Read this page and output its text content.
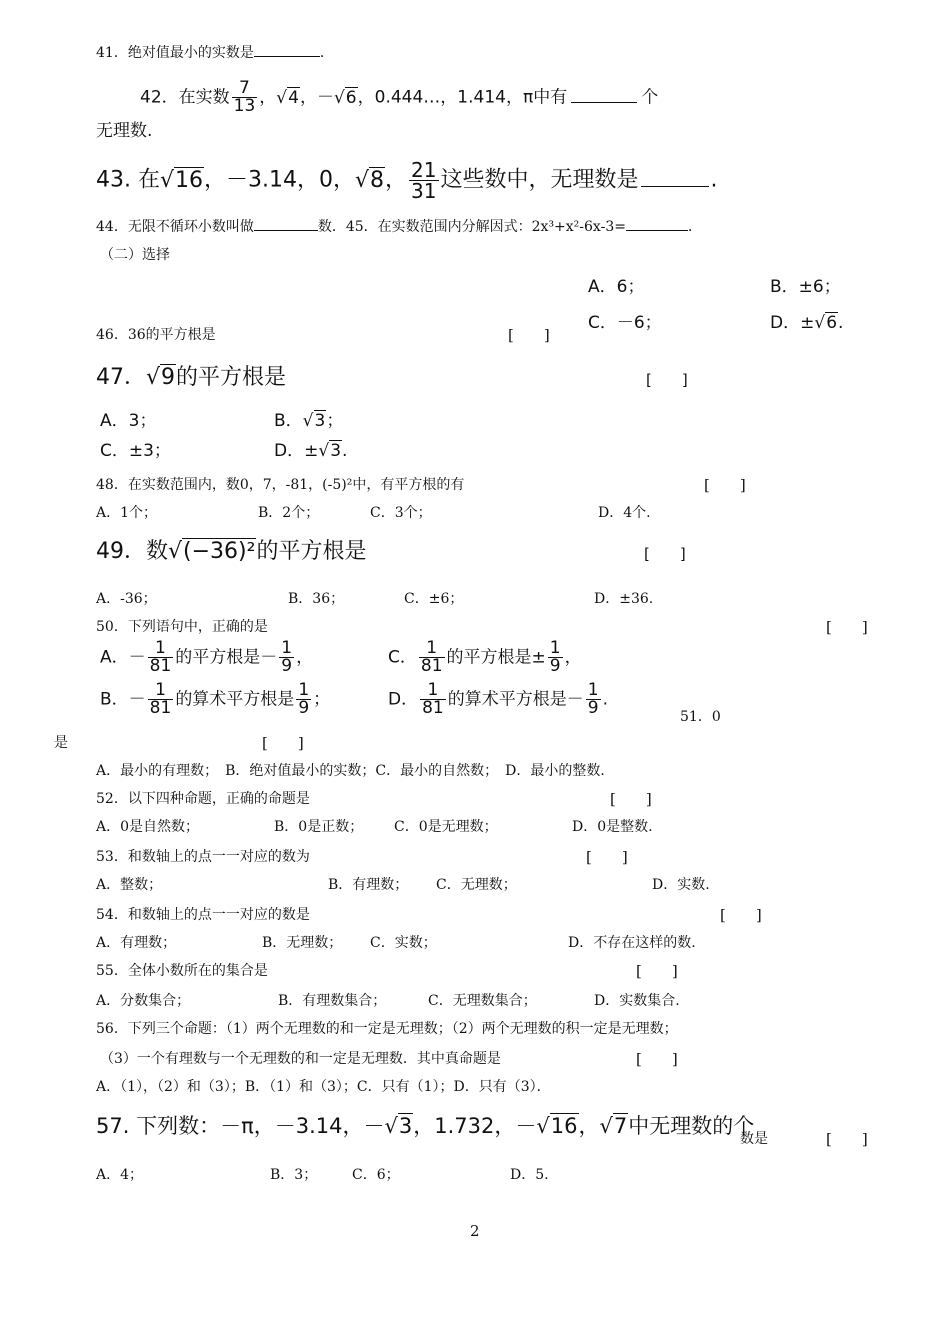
41．绝对值最小的实数是	．
42．在实数 $\frac{7}{13}$ ，√4，－√6，0.444…，1.414，π中有	个
无理数.
43. 在√16，－3.14，0，√8， $\frac{21}{31}$ 这些数中，无理数是	.
44．无限不循环小数叫做	数．45．在实数范围内分解因式：2x³+x²-6x-3=	．
（二）选择
A．6；	B．±6；
C．－6；	D．±√6.
46．36的平方根是	[　　]
47．√9的平方根是	[　　]
A．3；	B．√3；
C．±3；	D．±√3.
48．在实数范围内，数0，7，-81，(-5)²中，有平方根的有	[　　]
A．1个；	B．2个；	C．3个；	D．4个.
49．数√(−36)²的平方根是	[　　]
A．-36；	B．36；	C．±6；	D．±36.
50．下列语句中，正确的是	[　　]
A．－ $\frac{1}{81}$ 的平方根是－ $\frac{1}{9}$ ，	C． $\frac{1}{81}$ 的平方根是± $\frac{1}{9}$ ，
B．－ $\frac{1}{81}$ 的算术平方根是 $\frac{1}{9}$ ；	D． $\frac{1}{81}$ 的算术平方根是－ $\frac{1}{9}$ .
51．0
是	[　　]
A．最小的有理数；　B．绝对值最小的实数；C．最小的自然数；　D．最小的整数．
52．以下四种命题，正确的命题是	[　　]
A．0是自然数；	B．0是正数； C．0是无理数；	D．0是整数.
53．和数轴上的点一一对应的数为	[　　]
A．整数；	B．有理数； C．无理数；	D．实数.
54．和数轴上的点一一对应的数是	[　　]
A．有理数；	B．无理数； C．实数；	D．不存在这样的数.
55．全体小数所在的集合是	[　　]
A．分数集合；	B．有理数集合；	C．无理数集合；	D．实数集合.
56．下列三个命题：（1）两个无理数的和一定是无理数；（2）两个无理数的积一定是无理数；
（3）一个有理数与一个无理数的和一定是无理数．其中真命题是	[　　]
A．（1），（2）和（3）；B．（1）和（3）；C．只有（1）；D．只有（3）．
57. 下列数：－π，－3.14，－√3，1.732，－√16，√7中无理数的个
数是	[　　]
A．4；	B．3； C．6；	D．5.
2
